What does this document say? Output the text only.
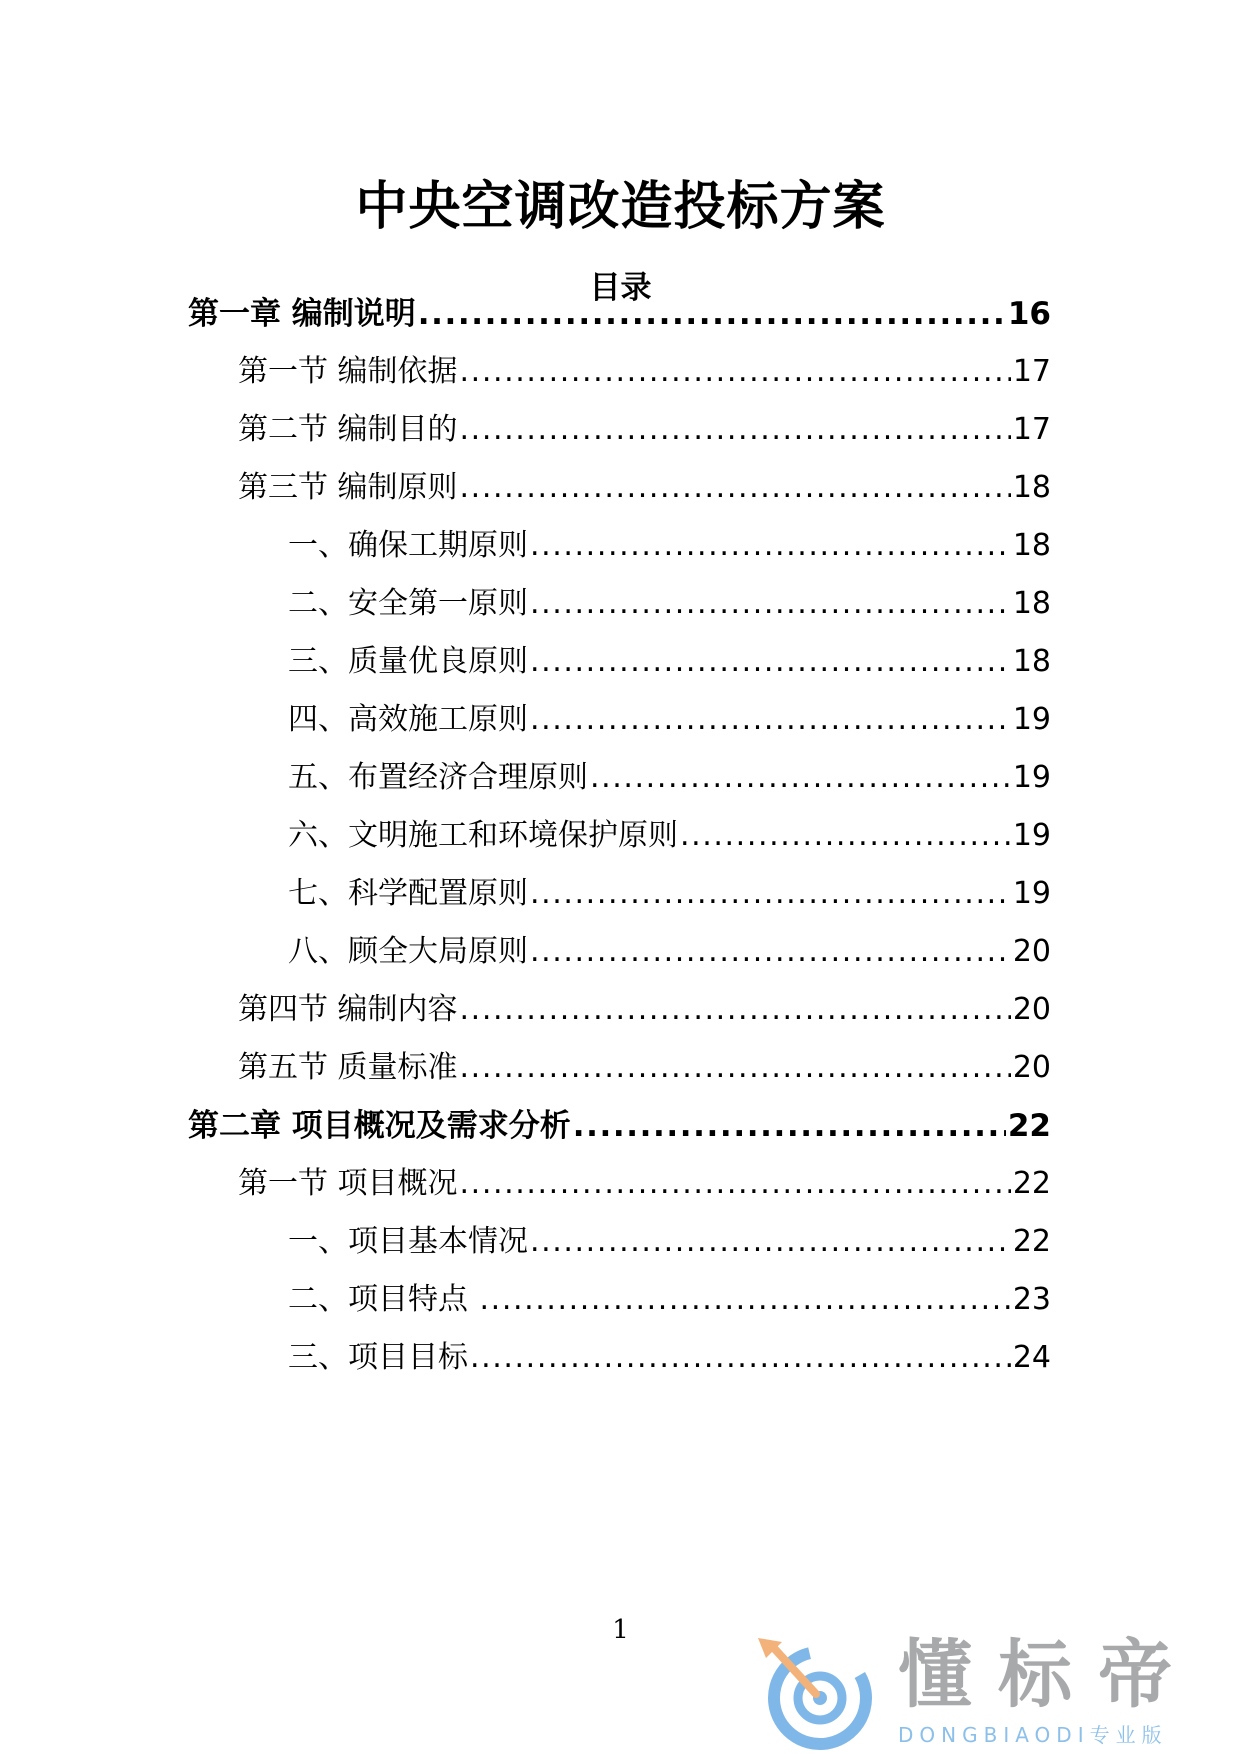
中央空调改造投标方案
目录
第一章 编制说明 .....	16
第一节 编制依据 .....	17
第二节 编制目的 .....	17
第三节 编制原则 .....	18
一、确保工期原则 .....	18
二、安全第一原则 .....	18
三、质量优良原则 .....	18
四、高效施工原则 .....	19
五、布置经济合理原则 .....	19
六、文明施工和环境保护原则 .....	19
七、科学配置原则 .....	19
八、顾全大局原则 .....	20
第四节 编制内容 .....	20
第五节 质量标准 .....	20
第二章 项目概况及需求分析 .....	22
第一节 项目概况 .....	22
一、项目基本情况 .....	22
二、项目特点 .....	23
三、项目目标 .....	24
1
懂标帝
DONGBIAODI专业版
